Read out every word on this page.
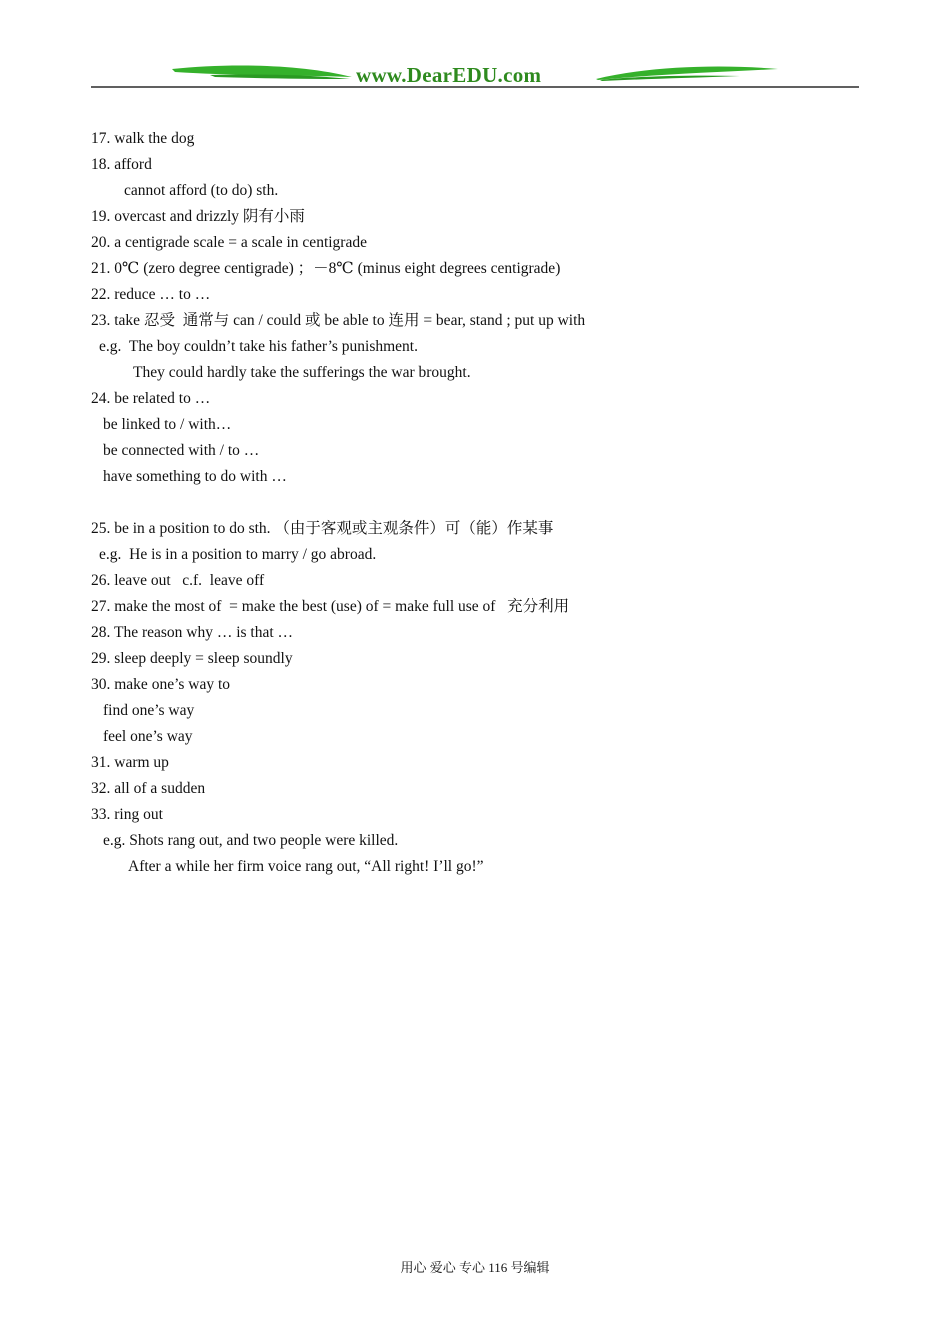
www.DearEDU.com
17. walk the dog
18. afford
cannot afford (to do) sth.
19. overcast and drizzly 阴有小雨
20. a centigrade scale = a scale in centigrade
21. 0℃ (zero degree centigrade) ；－8℃ (minus eight degrees centigrade)
22. reduce … to …
23. take 忍受  通常与 can / could 或 be able to 连用 = bear, stand ; put up with
e.g.  The boy couldn’t take his father’s punishment.
They could hardly take the sufferings the war brought.
24. be related to …
be linked to / with…
be connected with / to …
have something to do with …
25. be in a position to do sth. （由于客观或主观条件）可（能）作某事
e.g.  He is in a position to marry / go abroad.
26. leave out   c.f.  leave off
27. make the most of  = make the best (use) of = make full use of   充分利用
28. The reason why … is that …
29. sleep deeply = sleep soundly
30. make one’s way to
find one’s way
feel one’s way
31. warm up
32. all of a sudden
33. ring out
e.g. Shots rang out, and two people were killed.
After a while her firm voice rang out, “All right! I’ll go!”
用心 爱心 专心 116 号编辑
